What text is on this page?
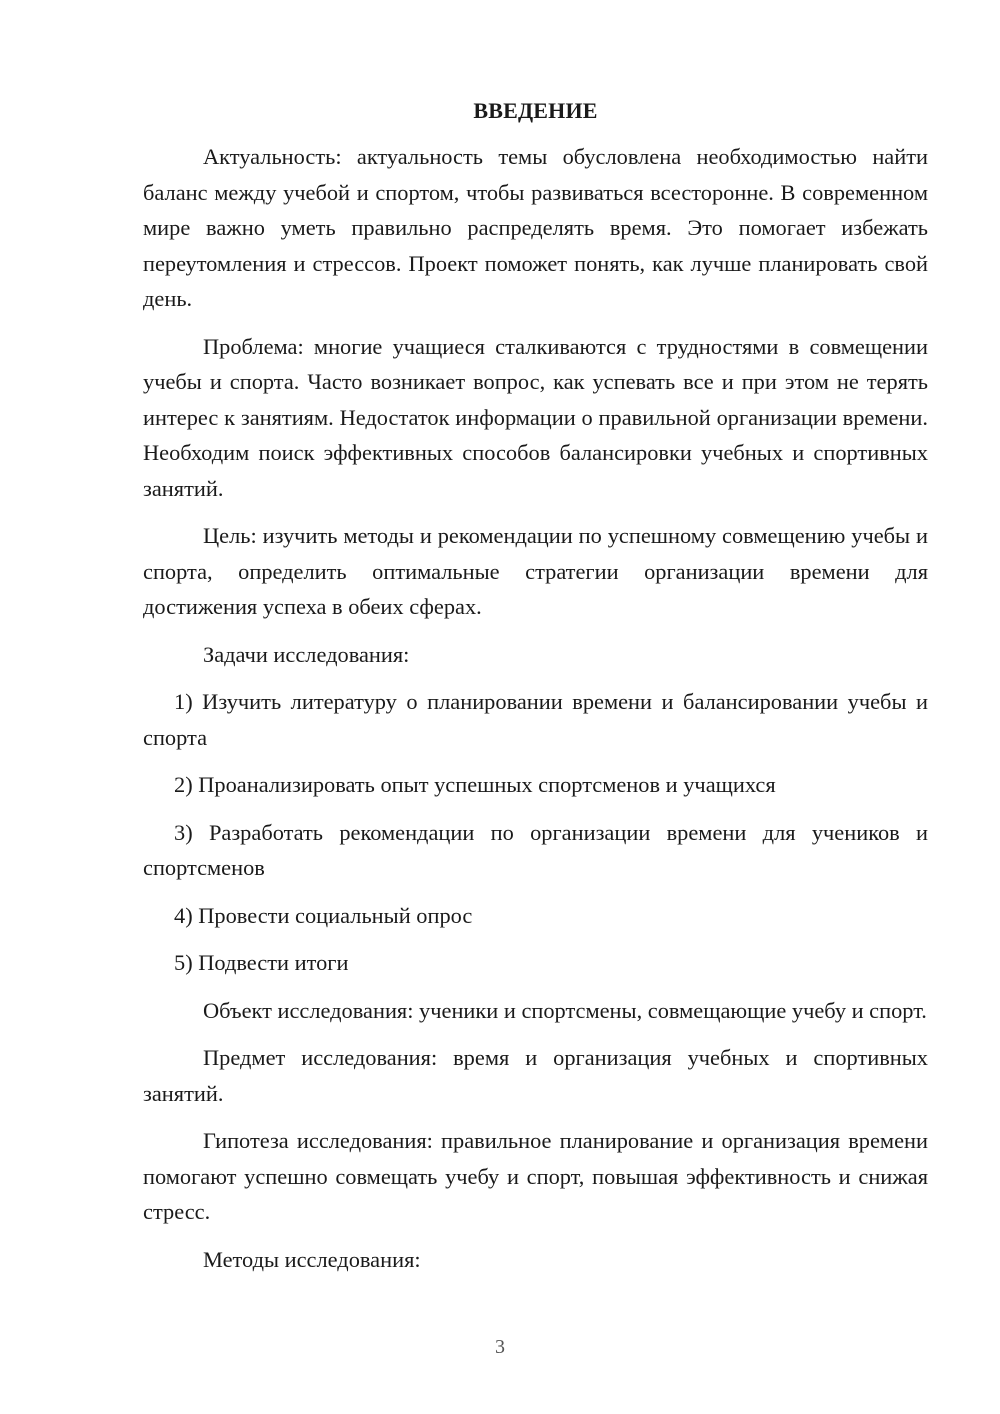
ВВЕДЕНИЕ

Актуальность: актуальность темы обусловлена необходимостью найти баланс между учебой и спортом, чтобы развиваться всесторонне. В современном мире важно уметь правильно распределять время. Это помогает избежать переутомления и стрессов. Проект поможет понять, как лучше планировать свой день.

Проблема: многие учащиеся сталкиваются с трудностями в совмещении учебы и спорта. Часто возникает вопрос, как успевать все и при этом не терять интерес к занятиям. Недостаток информации о правильной организации времени. Необходим поиск эффективных способов балансировки учебных и спортивных занятий.

Цель: изучить методы и рекомендации по успешному совмещению учебы и спорта, определить оптимальные стратегии организации времени для достижения успеха в обеих сферах.

Задачи исследования:

1) Изучить литературу о планировании времени и балансировании учебы и спорта

2) Проанализировать опыт успешных спортсменов и учащихся

3) Разработать рекомендации по организации времени для учеников и спортсменов

4) Провести социальный опрос

5) Подвести итоги

Объект исследования: ученики и спортсмены, совмещающие учебу и спорт.

Предмет исследования: время и организация учебных и спортивных занятий.

Гипотеза исследования: правильное планирование и организация времени помогают успешно совмещать учебу и спорт, повышая эффективность и снижая стресс.

Методы исследования:

3
